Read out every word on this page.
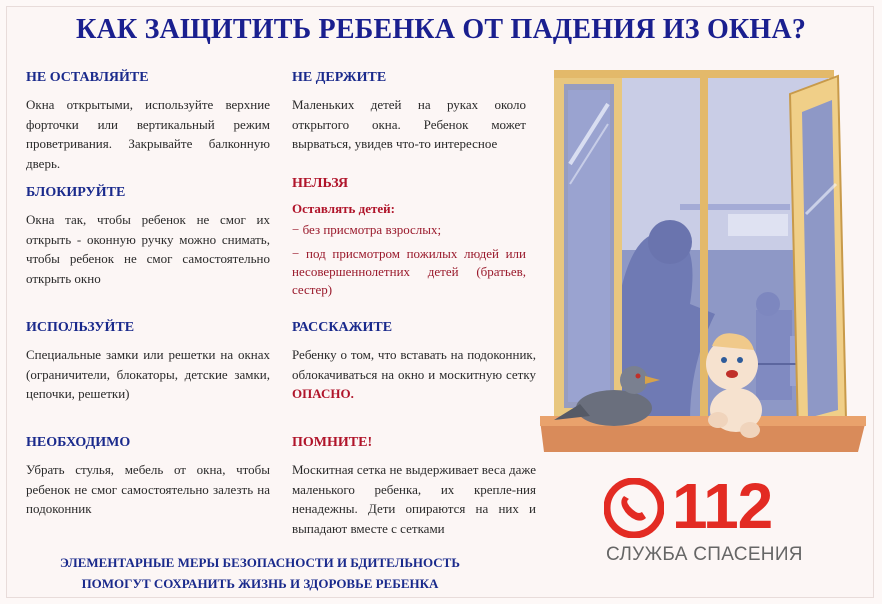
КАК ЗАЩИТИТЬ РЕБЕНКА ОТ ПАДЕНИЯ ИЗ ОКНА?
НЕ ОСТАВЛЯЙТЕ

Окна открытыми, используйте верхние форточки или вертикальный режим проветривания. Закрывайте балконную дверь.

БЛОКИРУЙТЕ

Окна так, чтобы ребенок не смог их открыть - оконную ручку можно снимать, чтобы ребенок не смог самостоятельно открыть окно

ИСПОЛЬЗУЙТЕ

Специальные замки или решетки на окнах (ограничители, блокаторы, детские замки, цепочки, решетки)

НЕОБХОДИМО

Убрать стулья, мебель от окна, чтобы ребенок не смог самостоятельно залезть на подоконник

НЕ ДЕРЖИТЕ

Маленьких детей на руках около открытого окна. Ребенок может вырваться, увидев что-то интересное

НЕЛЬЗЯ
Оставлять детей:

− без присмотра взрослых;

− под присмотром пожилых людей или несовершеннолетних детей (братьев, сестер)

РАССКАЖИТЕ

Ребенку о том, что вставать на подоконник, облокачиваться на окно и москитную сетку ОПАСНО.

ПОМНИТЕ!

Москитная сетка не выдерживает веса даже маленького ребенка, их крепле-ния ненадежны. Дети опираются на них и выпадают вместе с сетками

ЭЛЕМЕНТАРНЫЕ МЕРЫ БЕЗОПАСНОСТИ И БДИТЕЛЬНОСТЬ
ПОМОГУТ СОХРАНИТЬ ЖИЗНЬ И ЗДОРОВЬЕ РЕБЕНКА
112
СЛУЖБА СПАСЕНИЯ
